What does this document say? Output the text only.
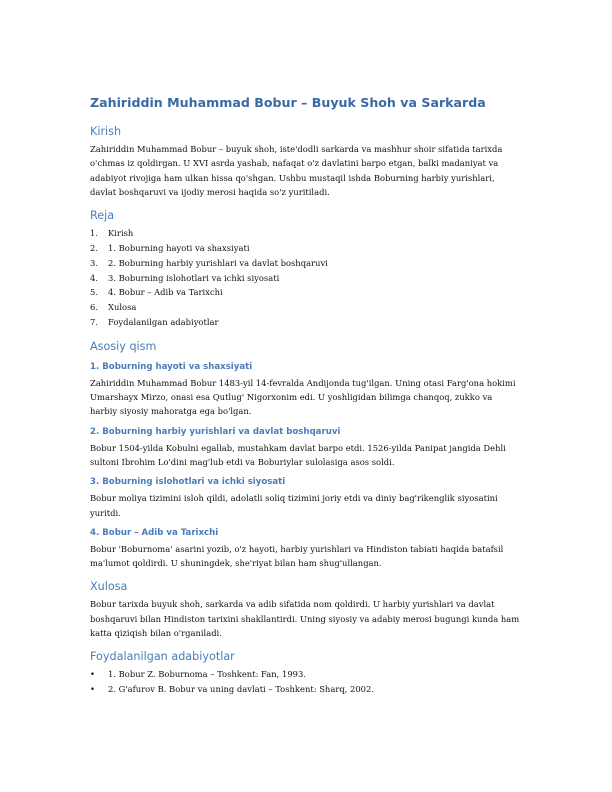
Zahiriddin Muhammad Bobur – Buyuk Shoh va Sarkarda
Kirish

Zahiriddin Muhammad Bobur – buyuk shoh, iste'dodli sarkarda va mashhur shoir sifatida tarixda o'chmas iz qoldirgan. U XVI asrda yashab, nafaqat o'z davlatini barpo etgan, balki madaniyat va adabiyot rivojiga ham ulkan hissa qo'shgan. Ushbu mustaqil ishda Boburning harbiy yurishlari, davlat boshqaruvi va ijodiy merosi haqida so'z yuritiladi.

Reja
1.	Kirish
2.	1. Boburning hayoti va shaxsiyati
3.	2. Boburning harbiy yurishlari va davlat boshqaruvi
4.	3. Boburning islohotlari va ichki siyosati
5.	4. Bobur – Adib va Tarixchi
6.	Xulosa
7.	Foydalanilgan adabiyotlar
Asosiy qism
1. Boburning hayoti va shaxsiyati

Zahiriddin Muhammad Bobur 1483-yil 14-fevralda Andijonda tug'ilgan. Uning otasi Farg'ona hokimi Umarshayx Mirzo, onasi esa Qutlug' Nigorxonim edi. U yoshligidan bilimga chanqoq, zukko va harbiy siyosiy mahoratga ega bo'lgan.

2. Boburning harbiy yurishlari va davlat boshqaruvi

Bobur 1504-yilda Kobulni egallab, mustahkam davlat barpo etdi. 1526-yilda Panipat jangida Dehli sultoni Ibrohim Lo'dini mag'lub etdi va Boburiylar sulolasiga asos soldi.

3. Boburning islohotlari va ichki siyosati

Bobur moliya tizimini isloh qildi, adolatli soliq tizimini joriy etdi va diniy bag'rikenglik siyosatini yuritdi.

4. Bobur – Adib va Tarixchi

Bobur 'Boburnoma' asarini yozib, o'z hayoti, harbiy yurishlari va Hindiston tabiati haqida batafsil ma'lumot qoldirdi. U shuningdek, she'riyat bilan ham shug'ullangan.

Xulosa

Bobur tarixda buyuk shoh, sarkarda va adib sifatida nom qoldirdi. U harbiy yurishlari va davlat boshqaruvi bilan Hindiston tarixini shakllantirdi. Uning siyosiy va adabiy merosi bugungi kunda ham katta qiziqish bilan o'rganiladi.

Foydalanilgan adabiyotlar
•	1. Bobur Z. Boburnoma – Toshkent: Fan, 1993.
•	2. G'afurov B. Bobur va uning davlati – Toshkent: Sharq, 2002.
